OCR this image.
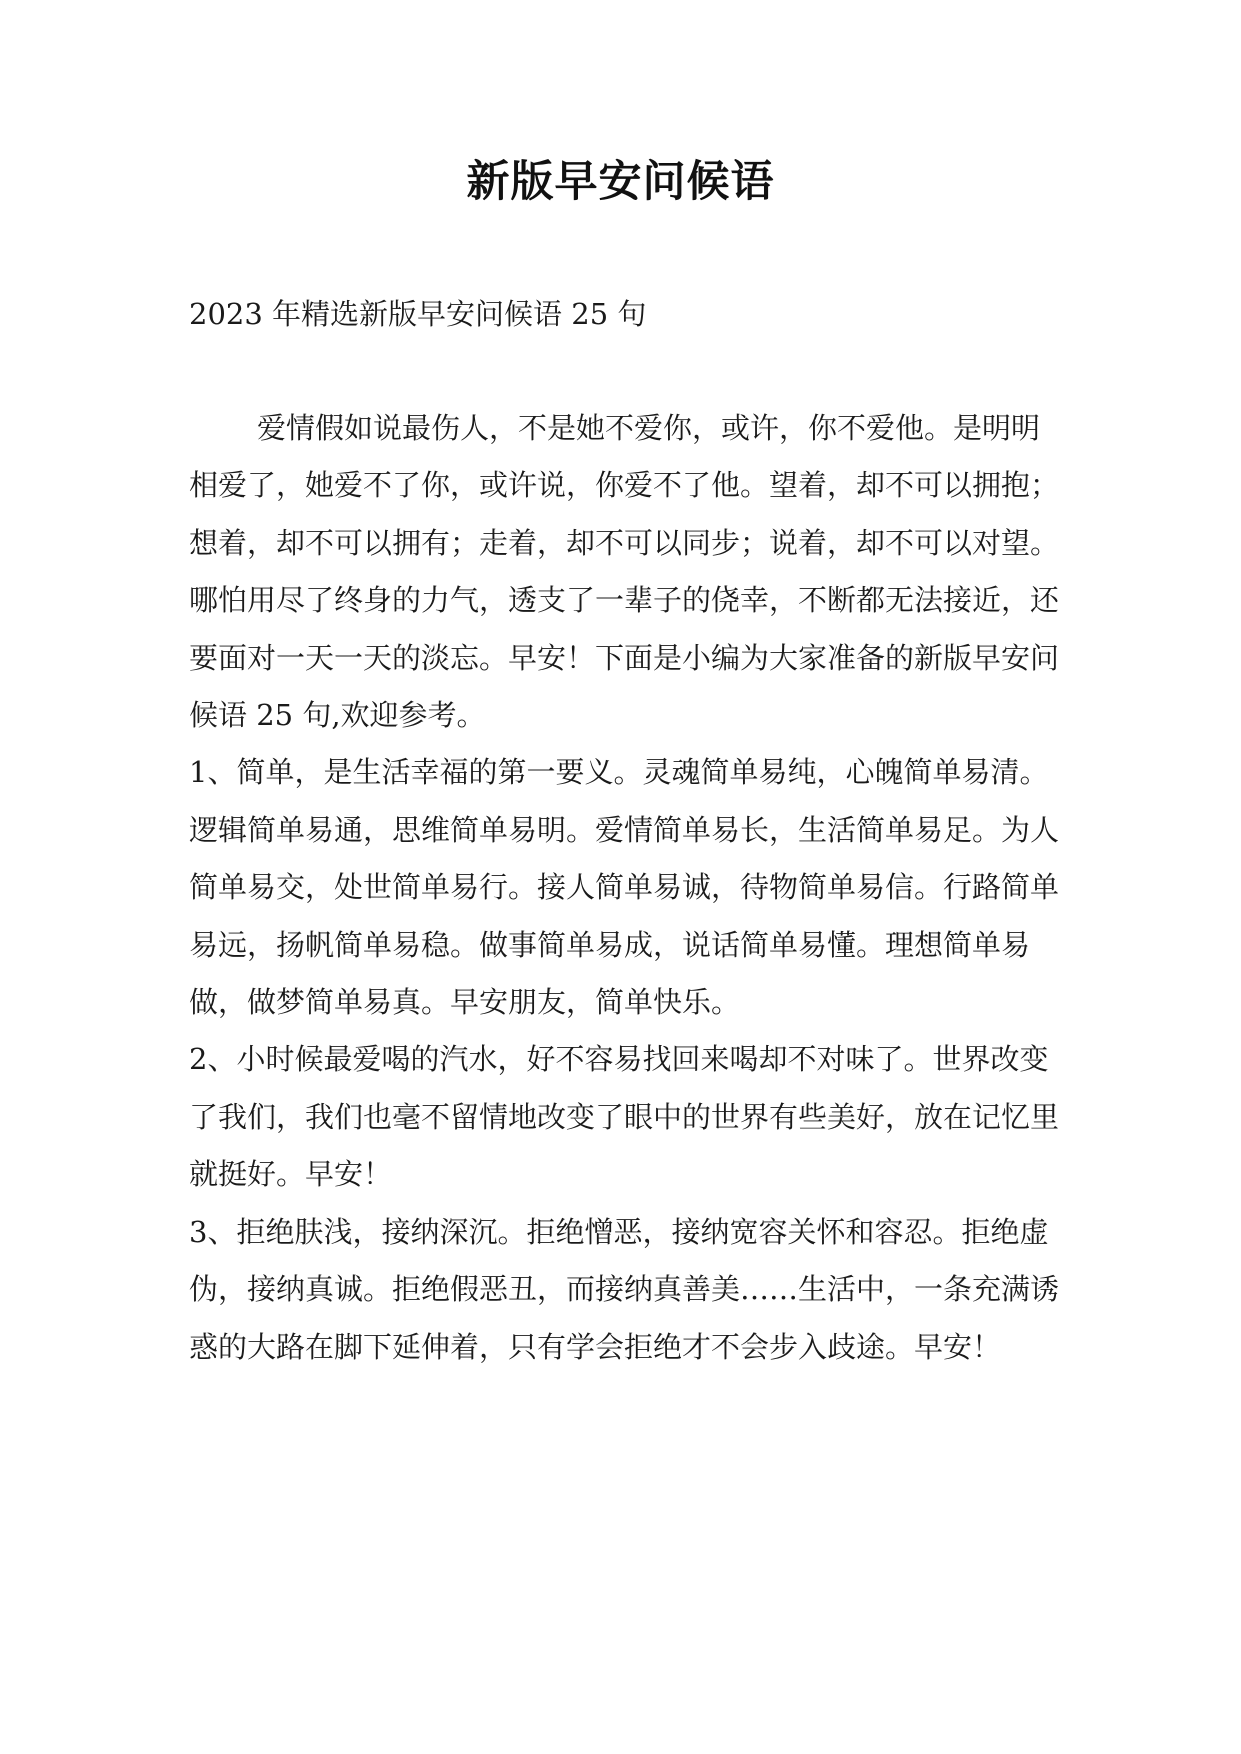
新版早安问候语
2023 年精选新版早安问候语 25 句

爱情假如说最伤人，不是她不爱你，或许，你不爱他。是明明相爱了，她爱不了你，或许说，你爱不了他。望着，却不可以拥抱；想着，却不可以拥有；走着，却不可以同步；说着，却不可以对望。哪怕用尽了终身的力气，透支了一辈子的侥幸，不断都无法接近，还要面对一天一天的淡忘。早安！下面是小编为大家准备的新版早安问候语 25 句,欢迎参考。

1、简单，是生活幸福的第一要义。灵魂简单易纯，心魄简单易清。逻辑简单易通，思维简单易明。爱情简单易长，生活简单易足。为人简单易交，处世简单易行。接人简单易诚，待物简单易信。行路简单易远，扬帆简单易稳。做事简单易成，说话简单易懂。理想简单易做，做梦简单易真。早安朋友，简单快乐。

2、小时候最爱喝的汽水，好不容易找回来喝却不对味了。世界改变了我们，我们也毫不留情地改变了眼中的世界有些美好，放在记忆里就挺好。早安！

3、拒绝肤浅，接纳深沉。拒绝憎恶，接纳宽容关怀和容忍。拒绝虚伪，接纳真诚。拒绝假恶丑，而接纳真善美……生活中，一条充满诱惑的大路在脚下延伸着，只有学会拒绝才不会步入歧途。早安！
